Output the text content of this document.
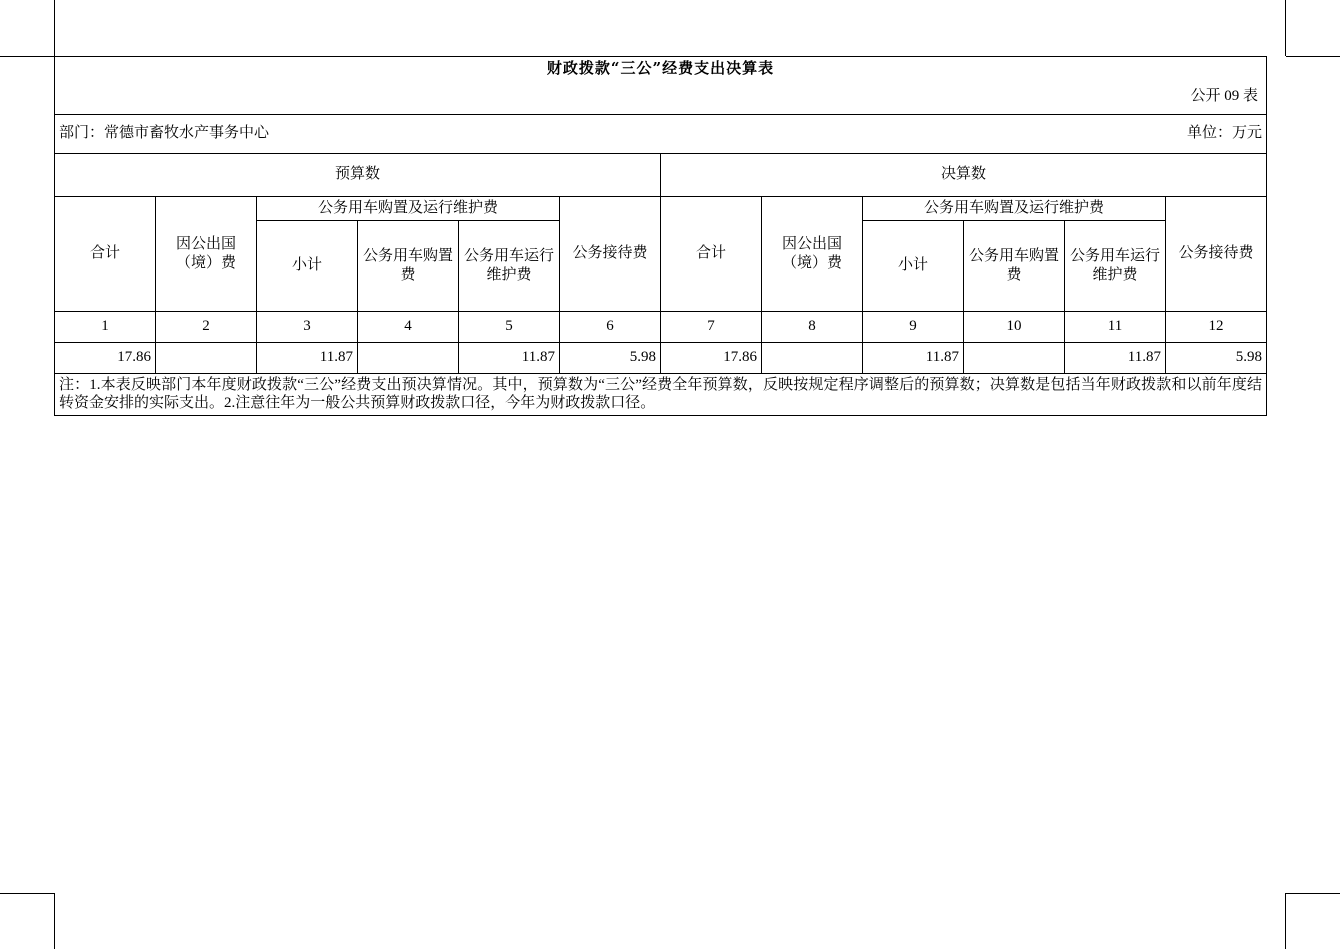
财政拨款“三公”经费支出决算表											
										公开 09 表	
部门：常德市畜牧水产事务中心										单位：万元	
预算数						决算数					
合计	因公出国（境）费	公务用车购置及运行维护费			公务接待费	合计	因公出国（境）费	公务用车购置及运行维护费			公务接待费
		小计	公务用车购置费	公务用车运行维护费				小计	公务用车购置费	公务用车运行维护费	
1	2	3	4	5	6	7	8	9	10	11	12
17.86		11.87		11.87	5.98	17.86		11.87		11.87	5.98
注：1.本表反映部门本年度财政拨款“三公”经费支出预决算情况。其中，预算数为“三公”经费全年预算数，反映按规定程序调整后的预算数；决算数是包括当年财政拨款和以前年度结转资金安排的实际支出。2.注意往年为一般公共预算财政拨款口径，今年为财政拨款口径。											
